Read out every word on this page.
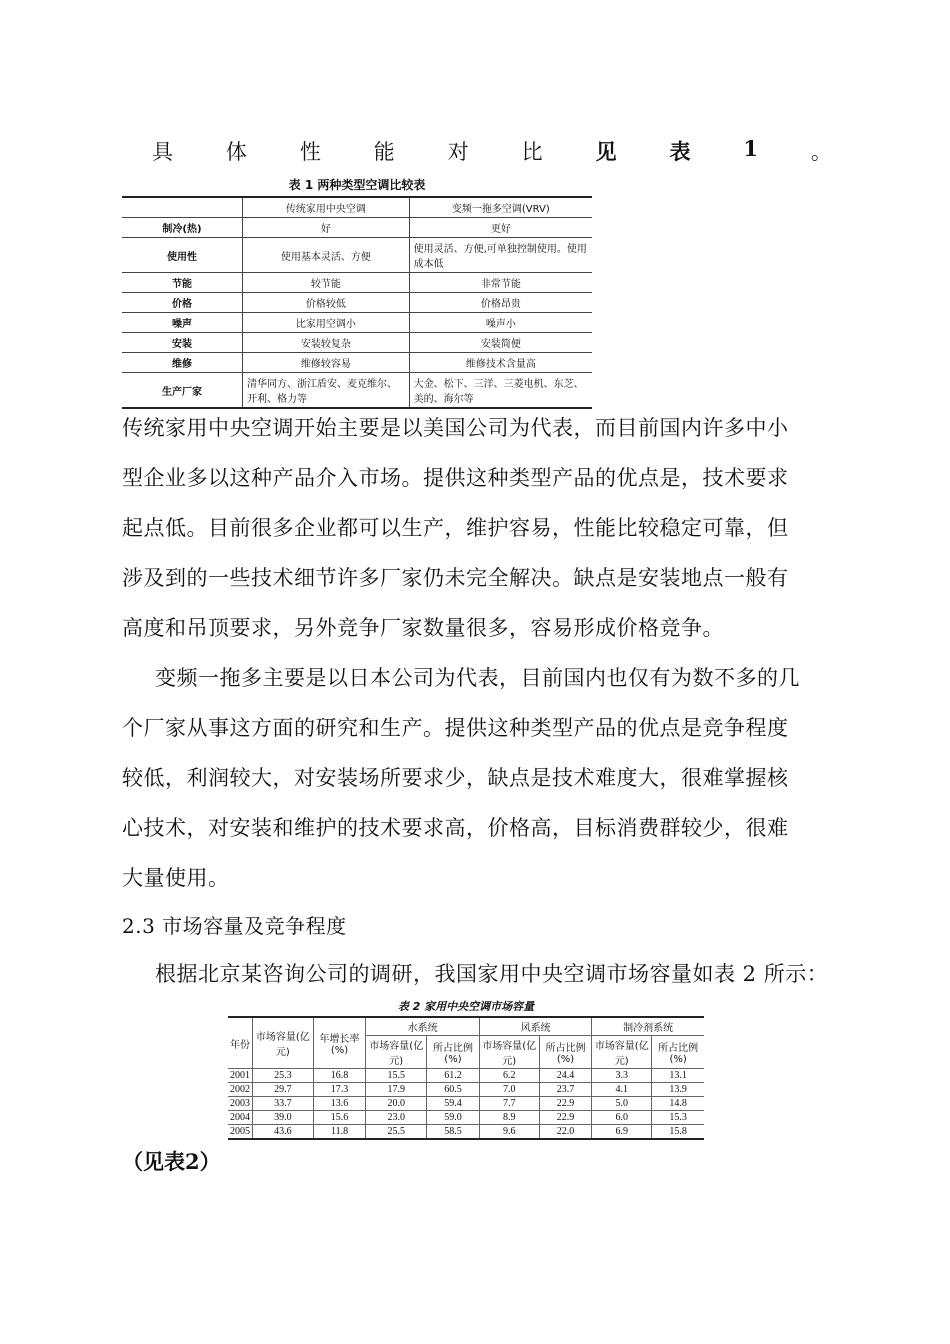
具	体	性	能	对	比	见	表	1	。
表 1 两种类型空调比较表
	传统家用中央空调	变频一拖多空调(VRV)
制冷(热)	好	更好
使用性	使用基本灵活、方便	使用灵活、方便,可单独控制使用。使用成本低
节能	较节能	非常节能
价格	价格较低	价格昂贵
噪声	比家用空调小	噪声小
安装	安装较复杂	安装简便
维修	维修较容易	维修技术含量高
生产厂家	清华同方、浙江盾安、麦克维尔、开利、格力等	大金、松下、三洋、三菱电机、东芝、美的、海尔等
传统家用中央空调开始主要是以美国公司为代表，而目前国内许多中小
型企业多以这种产品介入市场。提供这种类型产品的优点是，技术要求
起点低。目前很多企业都可以生产，维护容易，性能比较稳定可靠，但
涉及到的一些技术细节许多厂家仍未完全解决。缺点是安装地点一般有
高度和吊顶要求，另外竞争厂家数量很多，容易形成价格竞争。
变频一拖多主要是以日本公司为代表，目前国内也仅有为数不多的几
个厂家从事这方面的研究和生产。提供这种类型产品的优点是竞争程度
较低，利润较大，对安装场所要求少，缺点是技术难度大，很难掌握核
心技术，对安装和维护的技术要求高，价格高，目标消费群较少，很难
大量使用。
2.3 市场容量及竞争程度
根据北京某咨询公司的调研，我国家用中央空调市场容量如表 2 所示：
表 2 家用中央空调市场容量
年份	市场容量(亿元)	年增长率(%)	水系统		风系统		制冷剂系统	
			市场容量(亿元)	所占比例(%)	市场容量(亿元)	所占比例(%)	市场容量(亿元)	所占比例(%)
2001	25.3	16.8	15.5	61.2	6.2	24.4	3.3	13.1
2002	29.7	17.3	17.9	60.5	7.0	23.7	4.1	13.9
2003	33.7	13.6	20.0	59.4	7.7	22.9	5.0	14.8
2004	39.0	15.6	23.0	59.0	8.9	22.9	6.0	15.3
2005	43.6	11.8	25.5	58.5	9.6	22.0	6.9	15.8
（见表2）
